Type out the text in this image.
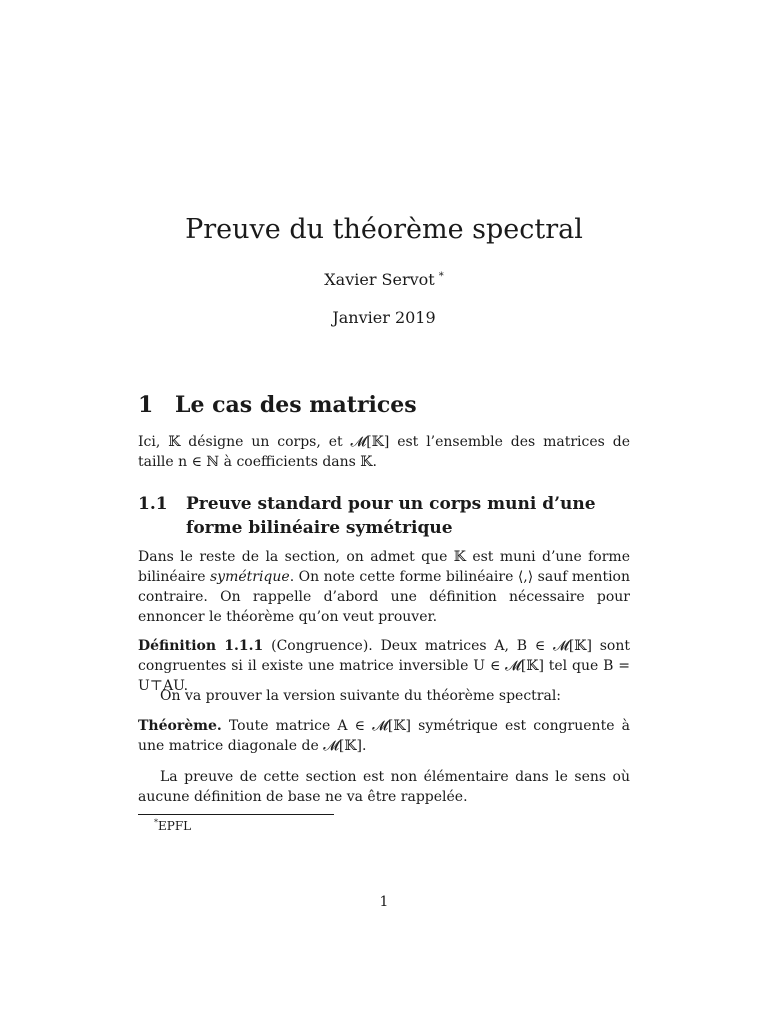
Preuve du théorème spectral
Xavier Servot *
Janvier 2019
1 Le cas des matrices
Ici, 𝕂 désigne un corps, et 𝓜[𝕂] est l’ensemble des matrices de taille n ∈ ℕ à coefficients dans 𝕂.
1.1 Preuve standard pour un corps muni d’une forme bilinéaire symétrique
Dans le reste de la section, on admet que 𝕂 est muni d’une forme bilinéaire symétrique. On note cette forme bilinéaire ⟨,⟩ sauf mention contraire. On rappelle d’abord une définition nécessaire pour ennoncer le théorème qu’on veut prouver.
Définition 1.1.1 (Congruence). Deux matrices A, B ∈ 𝓜[𝕂] sont congruentes si il existe une matrice inversible U ∈ 𝓜[𝕂] tel que B = U⊤AU.
On va prouver la version suivante du théorème spectral:
Théorème. Toute matrice A ∈ 𝓜[𝕂] symétrique est congruente à une matrice diagonale de 𝓜[𝕂].
La preuve de cette section est non élémentaire dans le sens où aucune définition de base ne va être rappelée.
*EPFL
1
